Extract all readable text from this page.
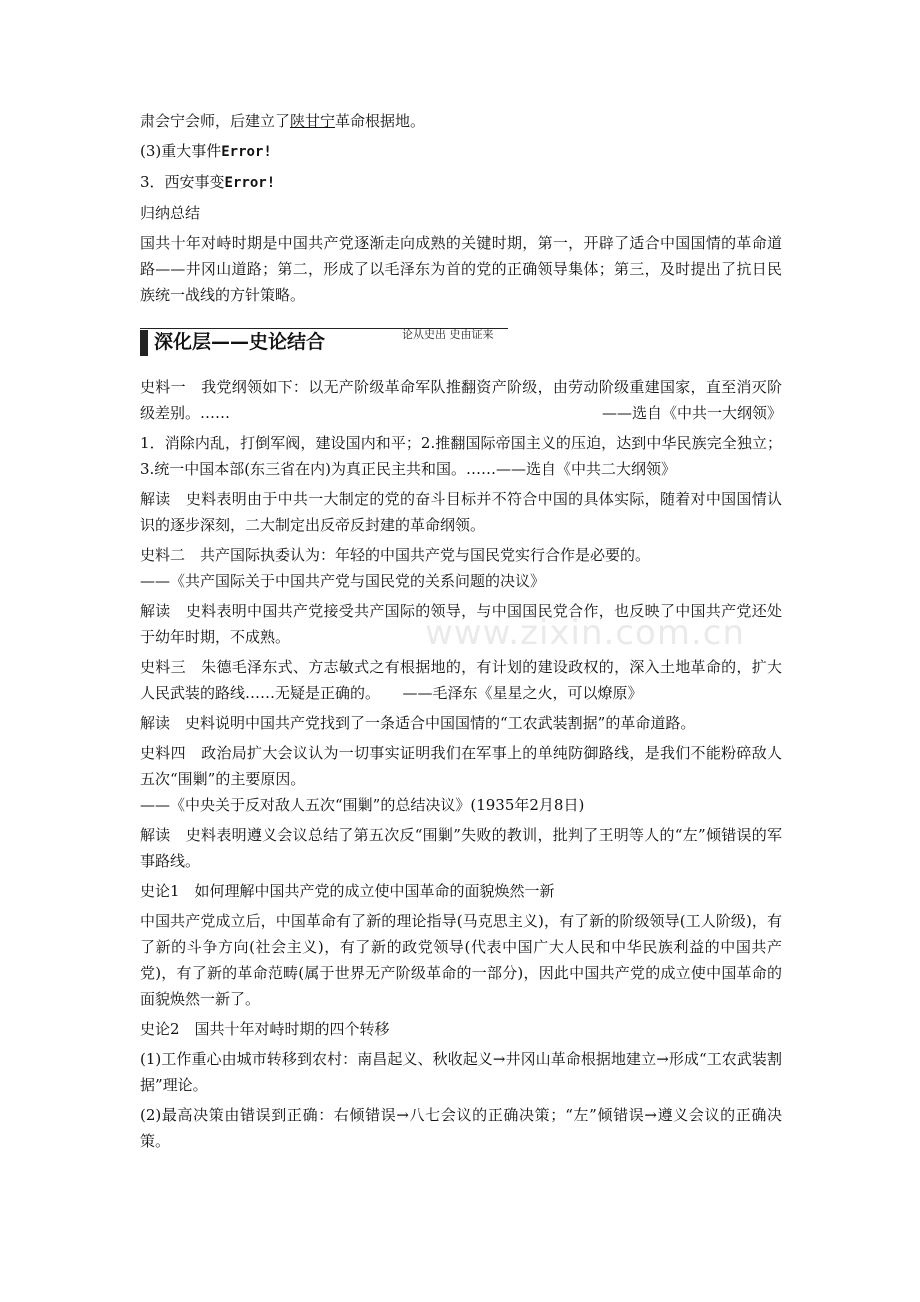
www.zixin.com.cn

肃会宁会师，后建立了陕甘宁革命根据地。

(3)重大事件Error!

3．西安事变Error!

归纳总结

国共十年对峙时期是中国共产党逐渐走向成熟的关键时期，第一，开辟了适合中国国情的革命道路——井冈山道路；第二，形成了以毛泽东为首的党的正确领导集体；第三，及时提出了抗日民族统一战线的方针策略。

深化层——史论结合	论从史出 史由证来

史料一　我党纲领如下：以无产阶级革命军队推翻资产阶级，由劳动阶级重建国家，直至消灭阶级差别。……	——选自《中共一大纲领》

1．消除内乱，打倒军阀，建设国内和平；2.推翻国际帝国主义的压迫，达到中华民族完全独立；3.统一中国本部(东三省在内)为真正民主共和国。……——选自《中共二大纲领》

解读　史料表明由于中共一大制定的党的奋斗目标并不符合中国的具体实际，随着对中国国情认识的逐步深刻，二大制定出反帝反封建的革命纲领。

史料二　共产国际执委认为：年轻的中国共产党与国民党实行合作是必要的。

——《共产国际关于中国共产党与国民党的关系问题的决议》

解读　史料表明中国共产党接受共产国际的领导，与中国国民党合作，也反映了中国共产党还处于幼年时期，不成熟。

史料三　朱德毛泽东式、方志敏式之有根据地的，有计划的建设政权的，深入土地革命的，扩大人民武装的路线……无疑是正确的。　　——毛泽东《星星之火，可以燎原》

解读　史料说明中国共产党找到了一条适合中国国情的“工农武装割据”的革命道路。

史料四　政治局扩大会议认为一切事实证明我们在军事上的单纯防御路线，是我们不能粉碎敌人五次“围剿”的主要原因。

——《中央关于反对敌人五次“围剿”的总结决议》(1935年2月8日)

解读　史料表明遵义会议总结了第五次反“围剿”失败的教训，批判了王明等人的“左”倾错误的军事路线。

史论1　如何理解中国共产党的成立使中国革命的面貌焕然一新

中国共产党成立后，中国革命有了新的理论指导(马克思主义)，有了新的阶级领导(工人阶级)，有了新的斗争方向(社会主义)，有了新的政党领导(代表中国广大人民和中华民族利益的中国共产党)，有了新的革命范畴(属于世界无产阶级革命的一部分)，因此中国共产党的成立使中国革命的面貌焕然一新了。

史论2　国共十年对峙时期的四个转移

(1)工作重心由城市转移到农村：南昌起义、秋收起义→井冈山革命根据地建立→形成“工农武装割据”理论。

(2)最高决策由错误到正确：右倾错误→八七会议的正确决策；“左”倾错误→遵义会议的正确决策。
